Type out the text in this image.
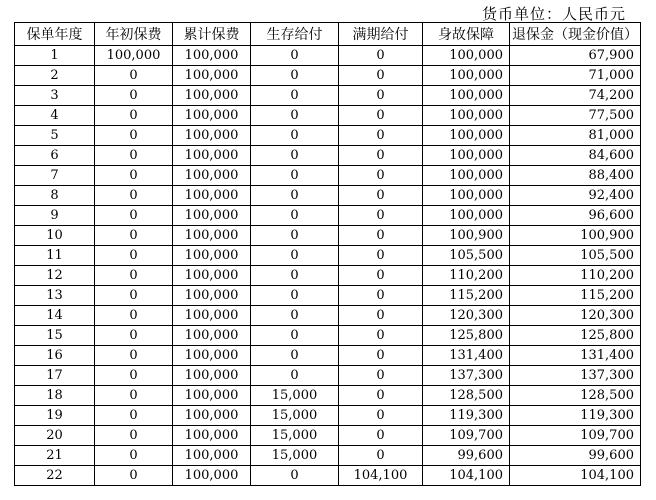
货币单位：人民币元
保单年度	年初保费	累计保费	生存给付	满期给付	身故保障	退保金（现金价值）
1	100,000	100,000	0	0	100,000	67,900
2	0	100,000	0	0	100,000	71,000
3	0	100,000	0	0	100,000	74,200
4	0	100,000	0	0	100,000	77,500
5	0	100,000	0	0	100,000	81,000
6	0	100,000	0	0	100,000	84,600
7	0	100,000	0	0	100,000	88,400
8	0	100,000	0	0	100,000	92,400
9	0	100,000	0	0	100,000	96,600
10	0	100,000	0	0	100,900	100,900
11	0	100,000	0	0	105,500	105,500
12	0	100,000	0	0	110,200	110,200
13	0	100,000	0	0	115,200	115,200
14	0	100,000	0	0	120,300	120,300
15	0	100,000	0	0	125,800	125,800
16	0	100,000	0	0	131,400	131,400
17	0	100,000	0	0	137,300	137,300
18	0	100,000	15,000	0	128,500	128,500
19	0	100,000	15,000	0	119,300	119,300
20	0	100,000	15,000	0	109,700	109,700
21	0	100,000	15,000	0	99,600	99,600
22	0	100,000	0	104,100	104,100	104,100
